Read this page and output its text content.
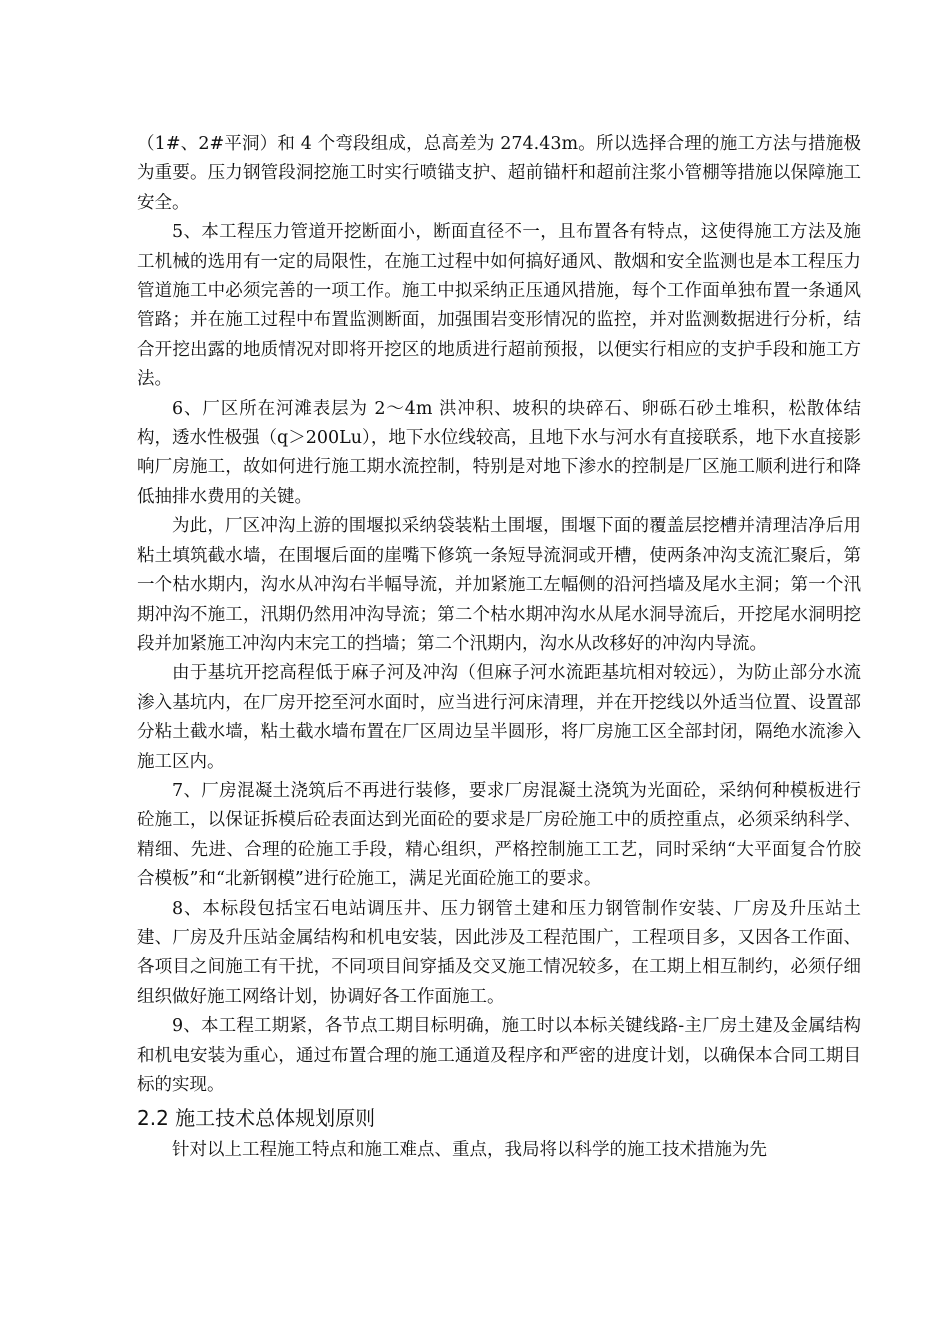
（1#、2#平洞）和 4 个弯段组成，总高差为 274.43m。所以选择合理的施工方法与措施极为重要。压力钢管段洞挖施工时实行喷锚支护、超前锚杆和超前注浆小管棚等措施以保障施工安全。

5、本工程压力管道开挖断面小，断面直径不一，且布置各有特点，这使得施工方法及施工机械的选用有一定的局限性，在施工过程中如何搞好通风、散烟和安全监测也是本工程压力管道施工中必须完善的一项工作。施工中拟采纳正压通风措施，每个工作面单独布置一条通风管路；并在施工过程中布置监测断面，加强围岩变形情况的监控，并对监测数据进行分析，结合开挖出露的地质情况对即将开挖区的地质进行超前预报，以便实行相应的支护手段和施工方法。

6、厂区所在河滩表层为 2～4m 洪冲积、坡积的块碎石、卵砾石砂土堆积，松散体结构，透水性极强（q＞200Lu），地下水位线较高，且地下水与河水有直接联系，地下水直接影响厂房施工，故如何进行施工期水流控制，特别是对地下渗水的控制是厂区施工顺利进行和降低抽排水费用的关键。

为此，厂区冲沟上游的围堰拟采纳袋装粘土围堰，围堰下面的覆盖层挖槽并清理洁净后用粘土填筑截水墙，在围堰后面的崖嘴下修筑一条短导流洞或开槽，使两条冲沟支流汇聚后，第一个枯水期内，沟水从冲沟右半幅导流，并加紧施工左幅侧的沿河挡墙及尾水主洞；第一个汛期冲沟不施工，汛期仍然用冲沟导流；第二个枯水期冲沟水从尾水洞导流后，开挖尾水洞明挖段并加紧施工冲沟内末完工的挡墙；第二个汛期内，沟水从改移好的冲沟内导流。

由于基坑开挖高程低于麻子河及冲沟（但麻子河水流距基坑相对较远），为防止部分水流渗入基坑内，在厂房开挖至河水面时，应当进行河床清理，并在开挖线以外适当位置、设置部分粘土截水墙，粘土截水墙布置在厂区周边呈半圆形，将厂房施工区全部封闭，隔绝水流渗入施工区内。

7、厂房混凝土浇筑后不再进行装修，要求厂房混凝土浇筑为光面砼，采纳何种模板进行砼施工，以保证拆模后砼表面达到光面砼的要求是厂房砼施工中的质控重点，必须采纳科学、精细、先进、合理的砼施工手段，精心组织，严格控制施工工艺，同时采纳“大平面复合竹胶合模板”和“北新钢模”进行砼施工，满足光面砼施工的要求。

8、本标段包括宝石电站调压井、压力钢管土建和压力钢管制作安装、厂房及升压站土建、厂房及升压站金属结构和机电安装，因此涉及工程范围广，工程项目多，又因各工作面、各项目之间施工有干扰，不同项目间穿插及交叉施工情况较多，在工期上相互制约，必须仔细组织做好施工网络计划，协调好各工作面施工。

9、本工程工期紧，各节点工期目标明确，施工时以本标关键线路-主厂房土建及金属结构和机电安装为重心，通过布置合理的施工通道及程序和严密的进度计划，以确保本合同工期目标的实现。

2.2 施工技术总体规划原则

针对以上工程施工特点和施工难点、重点，我局将以科学的施工技术措施为先
